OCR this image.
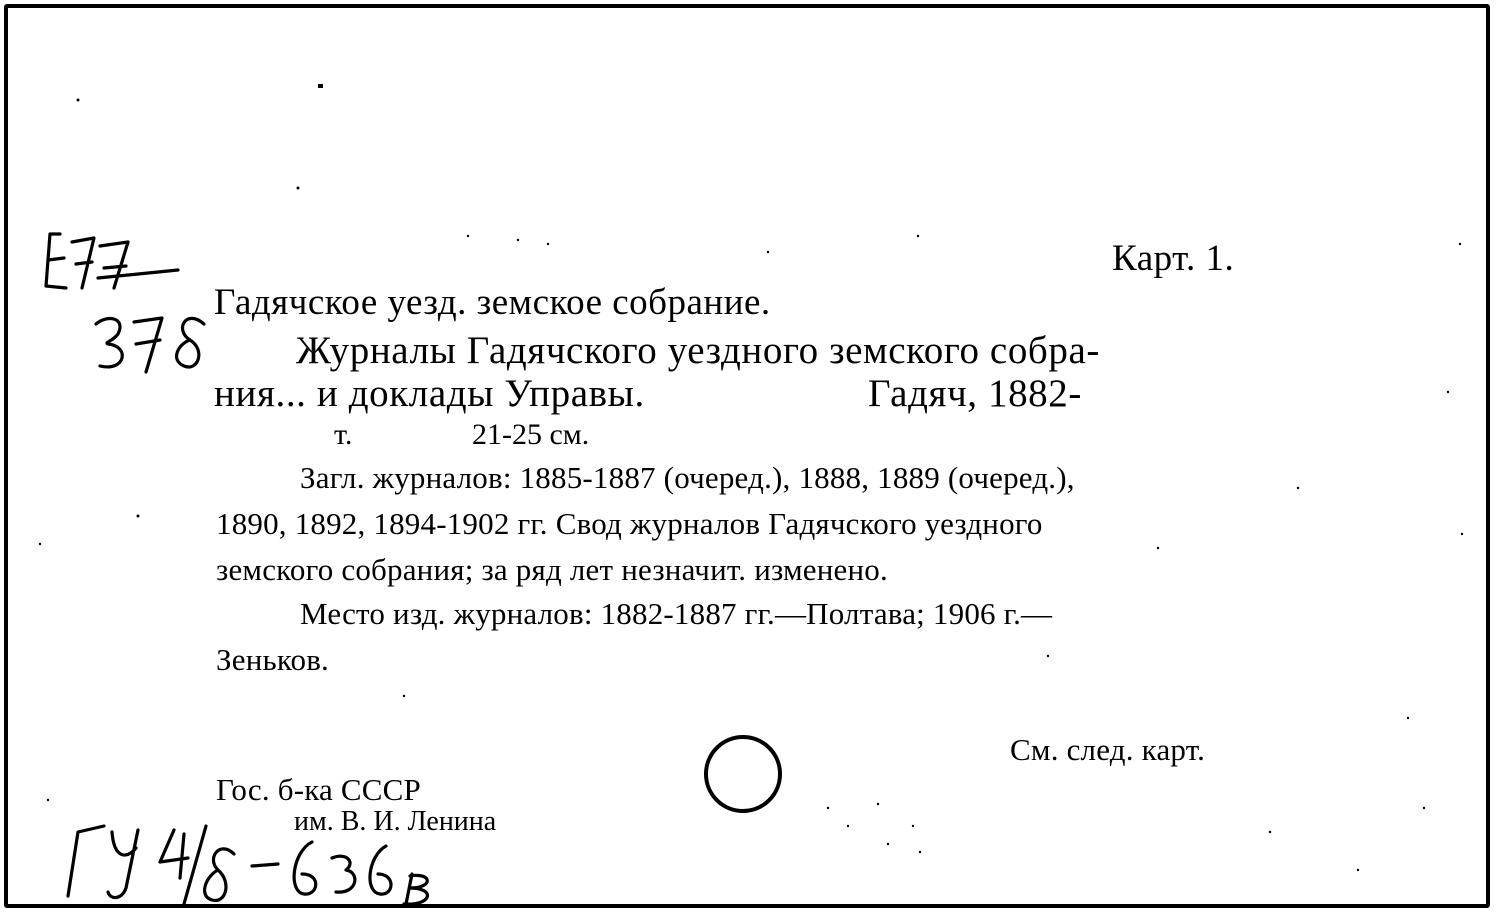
Карт. 1.
Гадячское уезд. земское собрание.
Журналы Гадячского уездного земского собра-
ния... и доклады Управы.	Гадяч, 1882-
т.	21-25 см.
Загл. журналов: 1885-1887 (очеред.), 1888, 1889 (очеред.),
1890, 1892, 1894-1902 гг. Свод журналов Гадячского уездного
земского собрания; за ряд лет незначит. изменено.
Место изд. журналов: 1882-1887 гг.—Полтава; 1906 г.—
Зеньков.
См. след. карт.
Гос. б-ка СССР
им. В. И. Ленина
